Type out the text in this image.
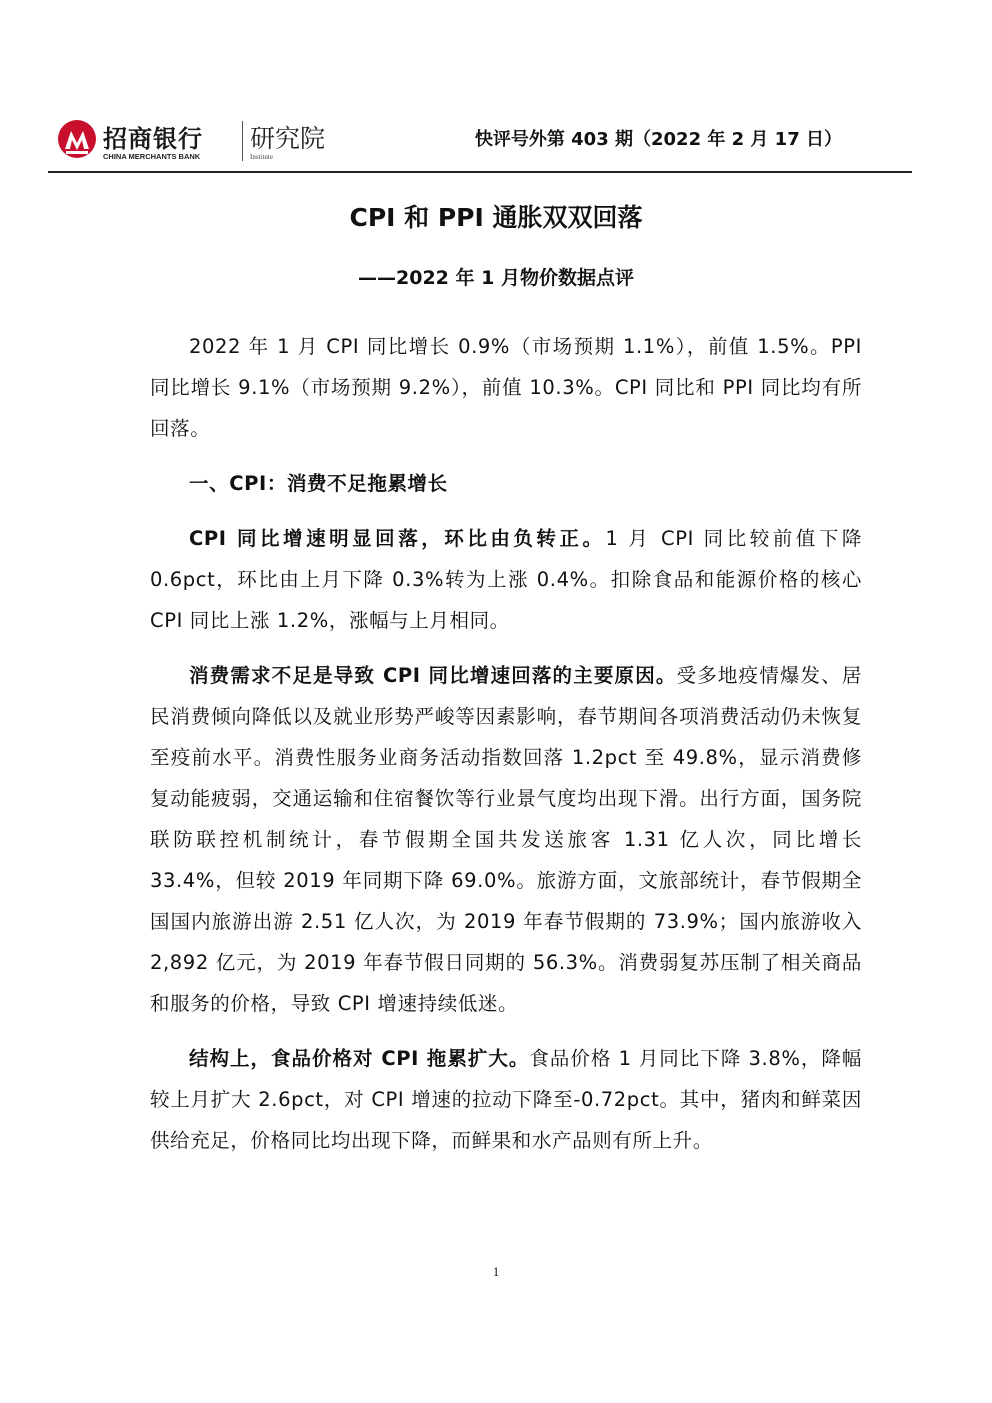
招商银行
CHINA MERCHANTS BANK
研究院
Institute
快评号外第 403 期（2022 年 2 月 17 日）
CPI 和 PPI 通胀双双回落
——2022 年 1 月物价数据点评

2022 年 1 月 CPI 同比增长 0.9%（市场预期 1.1%），前值 1.5%。PPI 同比增长 9.1%（市场预期 9.2%），前值 10.3%。CPI 同比和 PPI 同比均有所回落。

一、CPI：消费不足拖累增长

CPI 同比增速明显回落，环比由负转正。1 月 CPI 同比较前值下降 0.6pct，环比由上月下降 0.3%转为上涨 0.4%。扣除食品和能源价格的核心 CPI 同比上涨 1.2%，涨幅与上月相同。

消费需求不足是导致 CPI 同比增速回落的主要原因。受多地疫情爆发、居民消费倾向降低以及就业形势严峻等因素影响，春节期间各项消费活动仍未恢复至疫前水平。消费性服务业商务活动指数回落 1.2pct 至 49.8%，显示消费修复动能疲弱，交通运输和住宿餐饮等行业景气度均出现下滑。出行方面，国务院联防联控机制统计，春节假期全国共发送旅客 1.31 亿人次，同比增长 33.4%，但较 2019 年同期下降 69.0%。旅游方面，文旅部统计，春节假期全国国内旅游出游 2.51 亿人次，为 2019 年春节假期的 73.9%；国内旅游收入 2,892 亿元，为 2019 年春节假日同期的 56.3%。消费弱复苏压制了相关商品和服务的价格，导致 CPI 增速持续低迷。

结构上，食品价格对 CPI 拖累扩大。食品价格 1 月同比下降 3.8%，降幅较上月扩大 2.6pct，对 CPI 增速的拉动下降至-0.72pct。其中，猪肉和鲜菜因供给充足，价格同比均出现下降，而鲜果和水产品则有所上升。

1
